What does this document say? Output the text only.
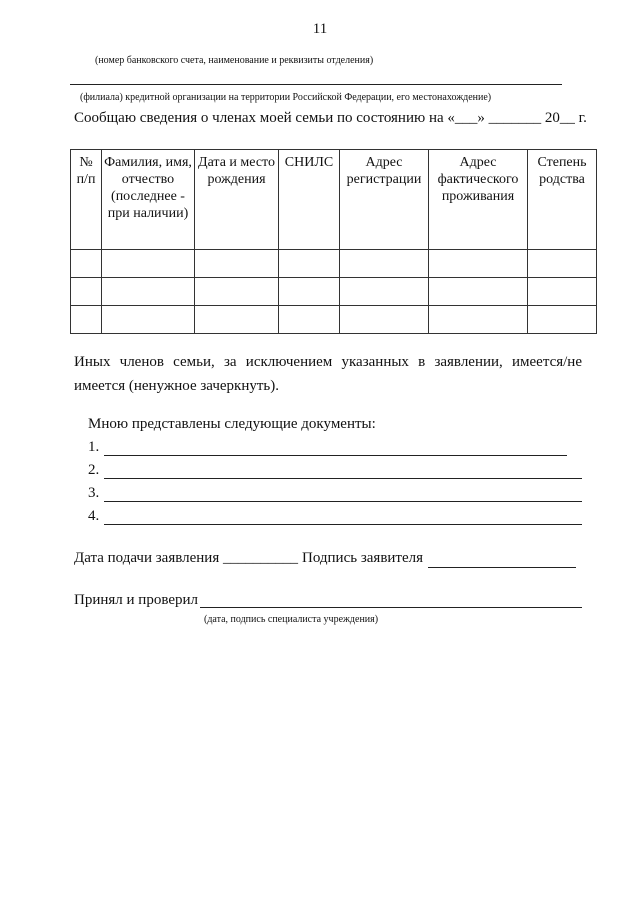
11
(номер банковского счета, наименование и реквизиты отделения)
(филиала) кредитной организации на территории Российской Федерации, его местонахождение)
Сообщаю сведения о членах моей семьи по состоянию на «___» _______ 20__ г.
№ п/п	Фамилия, имя, отчество (последнее - при наличии)	Дата и место рождения	СНИЛС	Адрес регистрации	Адрес фактического проживания	Степень родства

Иных членов семьи, за исключением указанных в заявлении, имеется/не имеется (ненужное зачеркнуть).
Мною представлены следующие документы:
1.
2.
3.
4.
Дата подачи заявления __________ Подпись заявителя
Принял и проверил
(дата, подпись специалиста учреждения)
